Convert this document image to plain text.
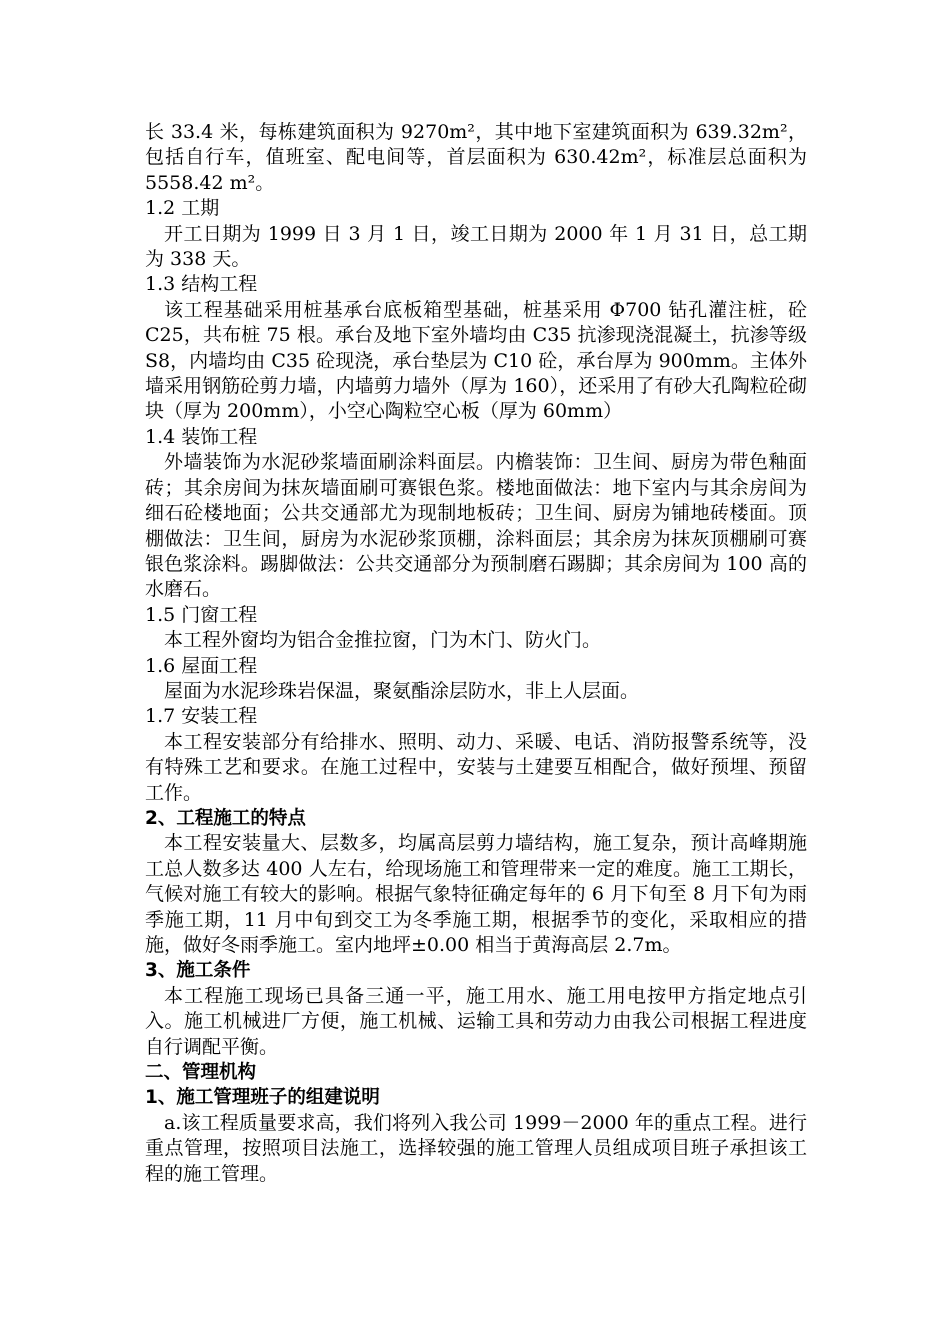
长 33.4 米，每栋建筑面积为 9270m²，其中地下室建筑面积为 639.32m²，包括自行车，值班室、配电间等，首层面积为 630.42m²，标准层总面积为 5558.42 m²。

1.2 工期

开工日期为 1999 日 3 月 1 日，竣工日期为 2000 年 1 月 31 日，总工期为 338 天。

1.3 结构工程

该工程基础采用桩基承台底板箱型基础，桩基采用 Φ700 钻孔灌注桩，砼 C25，共布桩 75 根。承台及地下室外墙均由 C35 抗渗现浇混凝土，抗渗等级 S8，内墙均由 C35 砼现浇，承台垫层为 C10 砼，承台厚为 900mm。主体外墙采用钢筋砼剪力墙，内墙剪力墙外（厚为 160），还采用了有砂大孔陶粒砼砌块（厚为 200mm），小空心陶粒空心板（厚为 60mm）

1.4 装饰工程

外墙装饰为水泥砂浆墙面刷涂料面层。内檐装饰：卫生间、厨房为带色釉面砖；其余房间为抹灰墙面刷可赛银色浆。楼地面做法：地下室内与其余房间为细石砼楼地面；公共交通部尤为现制地板砖；卫生间、厨房为铺地砖楼面。顶棚做法：卫生间，厨房为水泥砂浆顶棚，涂料面层；其余房为抹灰顶棚刷可赛银色浆涂料。踢脚做法：公共交通部分为预制磨石踢脚；其余房间为 100 高的水磨石。

1.5 门窗工程

本工程外窗均为铝合金推拉窗，门为木门、防火门。

1.6 屋面工程

屋面为水泥珍珠岩保温，聚氨酯涂层防水，非上人层面。

1.7 安装工程

本工程安装部分有给排水、照明、动力、采暖、电话、消防报警系统等，没有特殊工艺和要求。在施工过程中，安装与土建要互相配合，做好预埋、预留工作。

2、工程施工的特点

本工程安装量大、层数多，均属高层剪力墙结构，施工复杂，预计高峰期施工总人数多达 400 人左右，给现场施工和管理带来一定的难度。施工工期长，气候对施工有较大的影响。根据气象特征确定每年的 6 月下旬至 8 月下旬为雨季施工期，11 月中旬到交工为冬季施工期，根据季节的变化，采取相应的措施，做好冬雨季施工。室内地坪±0.00 相当于黄海高层 2.7m。

3、施工条件

本工程施工现场已具备三通一平，施工用水、施工用电按甲方指定地点引入。施工机械进厂方便，施工机械、运输工具和劳动力由我公司根据工程进度自行调配平衡。

二、管理机构

1、施工管理班子的组建说明

a.该工程质量要求高，我们将列入我公司 1999－2000 年的重点工程。进行重点管理，按照项目法施工，选择较强的施工管理人员组成项目班子承担该工程的施工管理。
